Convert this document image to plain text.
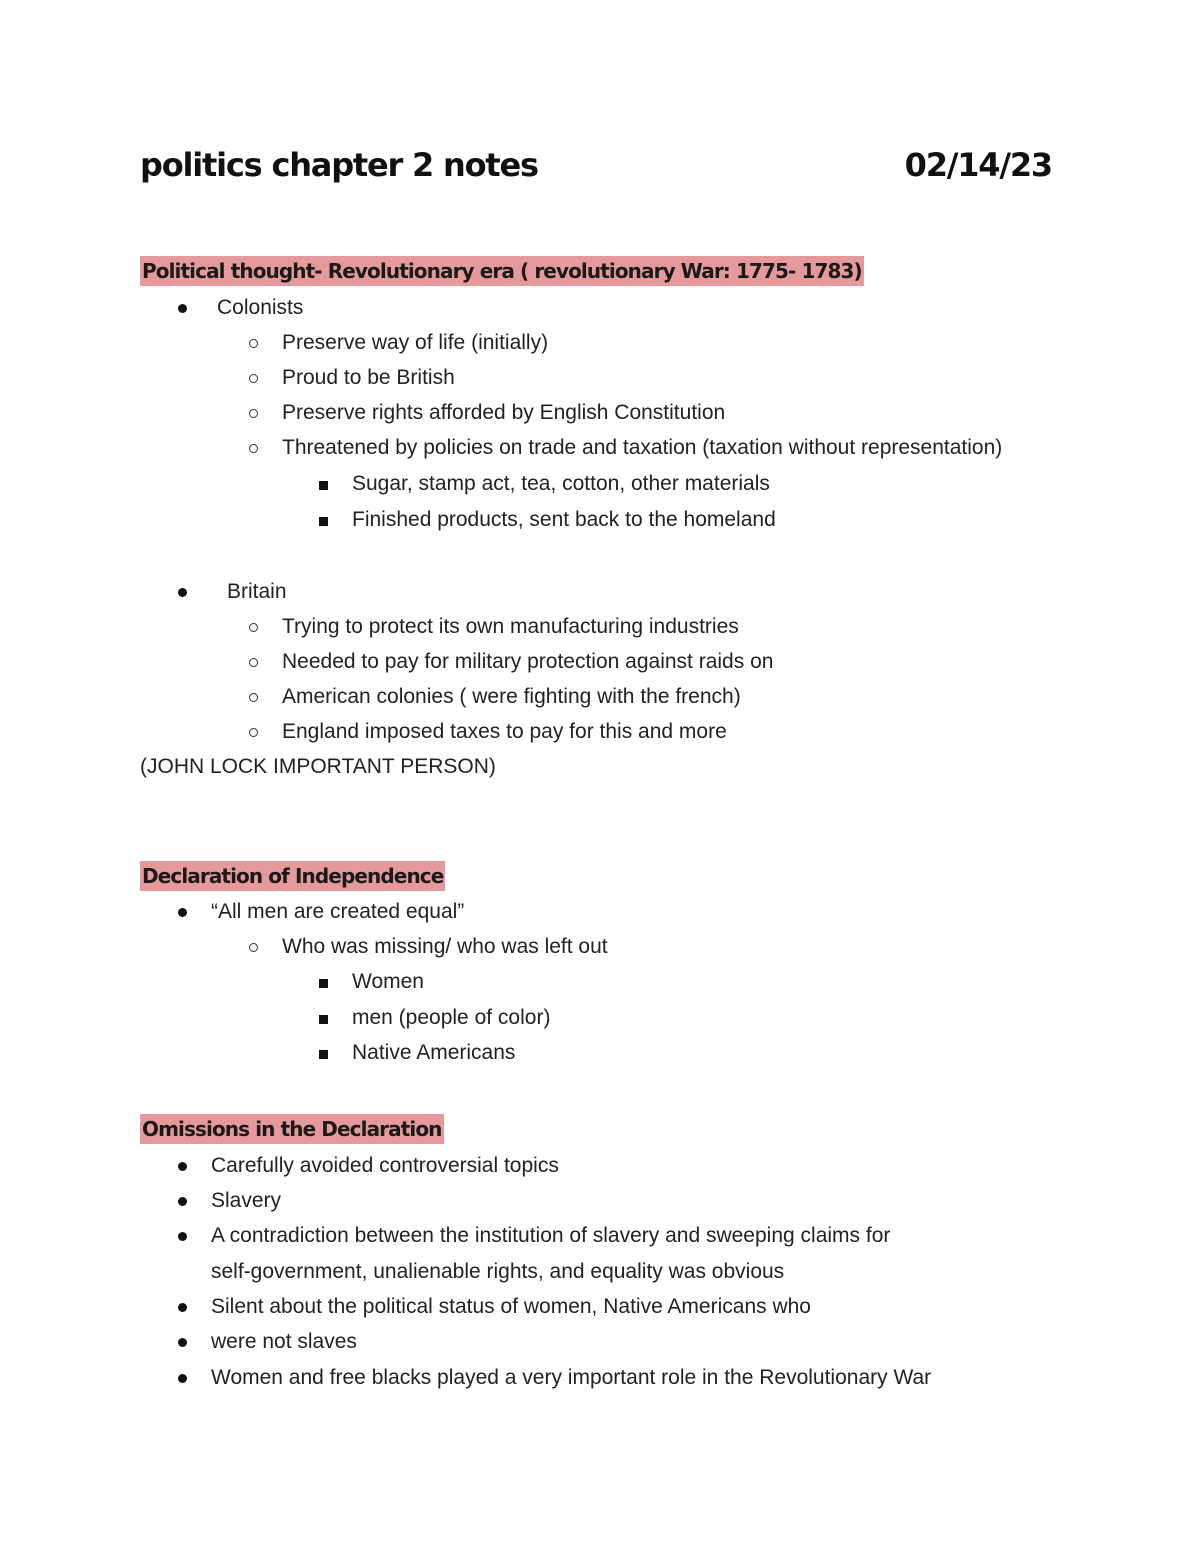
politics chapter 2 notes	02/14/23
Political thought- Revolutionary era ( revolutionary War: 1775- 1783)
Colonists
Preserve way of life (initially)
Proud to be British
Preserve rights afforded by English Constitution
Threatened by policies on trade and taxation (taxation without representation)
Sugar, stamp act, tea, cotton, other materials
Finished products, sent back to the homeland
Britain
Trying to protect its own manufacturing industries
Needed to pay for military protection against raids on
American colonies ( were fighting with the french)
England imposed taxes to pay for this and more
(JOHN LOCK IMPORTANT PERSON)
Declaration of Independence
“All men are created equal”
Who was missing/ who was left out
Women
men (people of color)
Native Americans
Omissions in the Declaration
Carefully avoided controversial topics
Slavery
A contradiction between the institution of slavery and sweeping claims for
self-government, unalienable rights, and equality was obvious
Silent about the political status of women, Native Americans who
were not slaves
Women and free blacks played a very important role in the Revolutionary War
